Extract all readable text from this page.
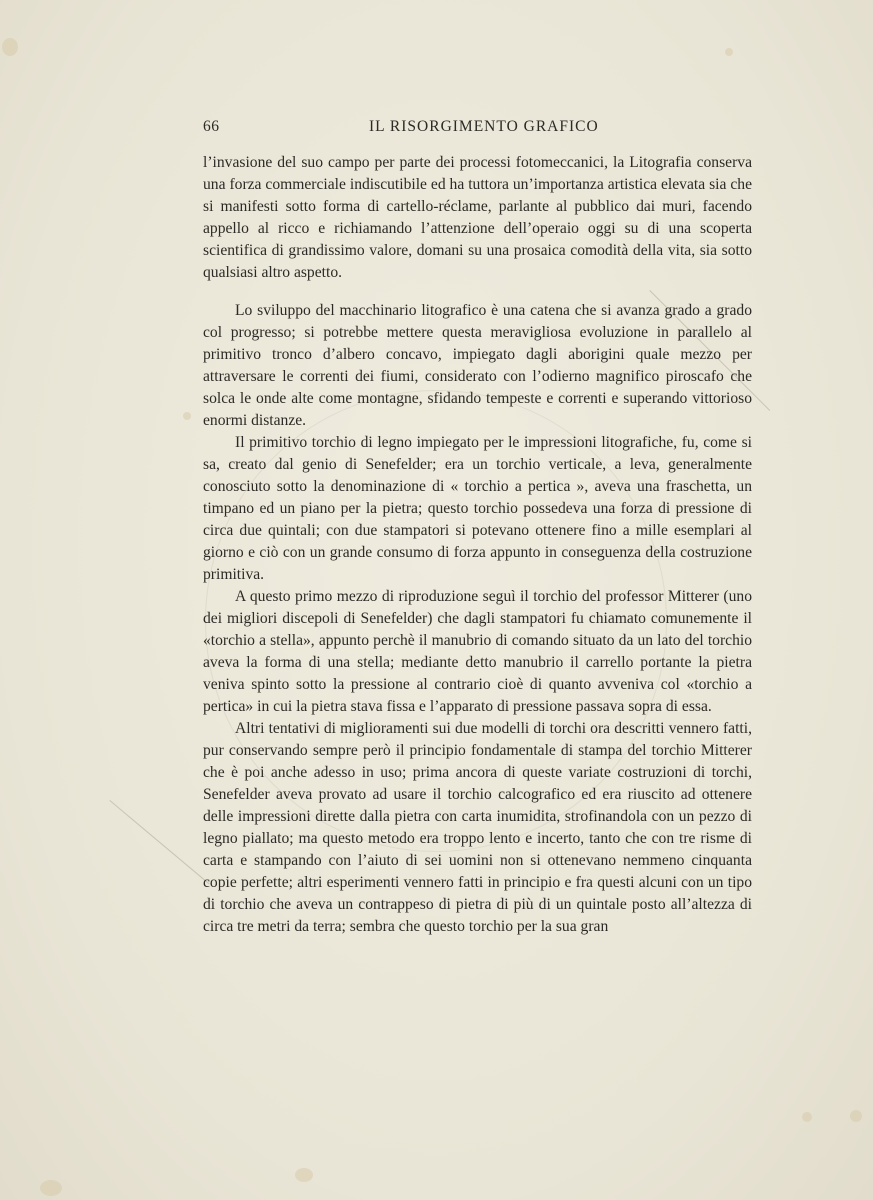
66	IL RISORGIMENTO GRAFICO

l’invasione del suo campo per parte dei processi fotomeccanici, la Litografia conserva una forza commerciale indiscutibile ed ha tuttora un’importanza artistica elevata sia che si manifesti sotto forma di cartello-réclame, parlante al pubblico dai muri, facendo appello al ricco e richiamando l’attenzione dell’operaio oggi su di una scoperta scientifica di grandissimo valore, domani su una prosaica comodità della vita, sia sotto qualsiasi altro aspetto.

Lo sviluppo del macchinario litografico è una catena che si avanza grado a grado col progresso; si potrebbe mettere questa meravigliosa evoluzione in parallelo al primitivo tronco d’albero concavo, impiegato dagli aborigini quale mezzo per attraversare le correnti dei fiumi, considerato con l’odierno magnifico piroscafo che solca le onde alte come montagne, sfidando tempeste e correnti e superando vittorioso enormi distanze.

Il primitivo torchio di legno impiegato per le impressioni litografiche, fu, come si sa, creato dal genio di Senefelder; era un torchio verticale, a leva, generalmente conosciuto sotto la denominazione di « torchio a pertica », aveva una fraschetta, un timpano ed un piano per la pietra; questo torchio possedeva una forza di pressione di circa due quintali; con due stampatori si potevano ottenere fino a mille esemplari al giorno e ciò con un grande consumo di forza appunto in conseguenza della costruzione primitiva.

A questo primo mezzo di riproduzione seguì il torchio del professor Mitterer (uno dei migliori discepoli di Senefelder) che dagli stampatori fu chiamato comunemente il «torchio a stella», appunto perchè il manubrio di comando situato da un lato del torchio aveva la forma di una stella; mediante detto manubrio il carrello portante la pietra veniva spinto sotto la pressione al contrario cioè di quanto avveniva col «torchio a pertica» in cui la pietra stava fissa e l’apparato di pressione passava sopra di essa.

Altri tentativi di miglioramenti sui due modelli di torchi ora descritti vennero fatti, pur conservando sempre però il principio fondamentale di stampa del torchio Mitterer che è poi anche adesso in uso; prima ancora di queste variate costruzioni di torchi, Senefelder aveva provato ad usare il torchio calcografico ed era riuscito ad ottenere delle impressioni dirette dalla pietra con carta inumidita, strofinandola con un pezzo di legno piallato; ma questo metodo era troppo lento e incerto, tanto che con tre risme di carta e stampando con l’aiuto di sei uomini non si ottenevano nemmeno cinquanta copie perfette; altri esperimenti vennero fatti in principio e fra questi alcuni con un tipo di torchio che aveva un contrappeso di pietra di più di un quintale posto all’altezza di circa tre metri da terra; sembra che questo torchio per la sua gran
